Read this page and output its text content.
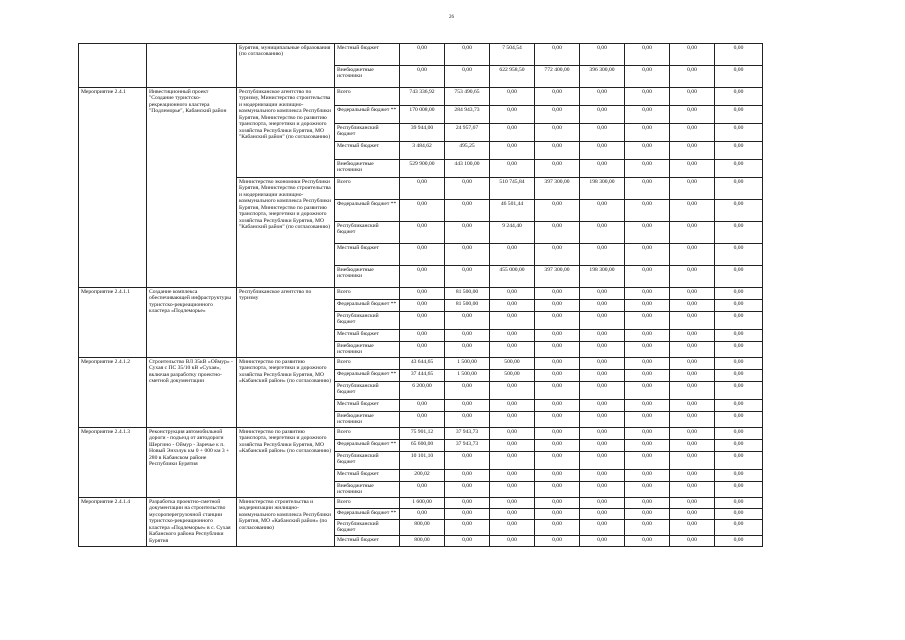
26
		Бурятия, муниципальные образования (по согласованию)	Местный бюджет	0,00	0,00	7 504,54	0,00	0,00	0,00	0,00	0,00
			Внебюджетные источники	0,00	0,00	622 958,50	772 400,00	396 300,00	0,00	0,00	0,00
Мероприятие 2.4.1	Инвестиционный проект "Создание туристско-рекреационного кластера "Подлеморье", Кабанский район	Республиканское агентство по туризму, Министерство строительства и модернизации жилищно-коммунального комплекса Республики Бурятия, Министерство по развитию транспорта, энергетики и дорожного хозяйства Республики Бурятия, МО "Кабанский район" (по согласованию)	Всего	743 336,92	753 490,65	0,00	0,00	0,00	0,00	0,00	0,00
			Федеральный бюджет **	170 008,00	284 943,73	0,00	0,00	0,00	0,00	0,00	0,00
			Республиканский бюджет	39 944,00	24 957,67	0,00	0,00	0,00	0,00	0,00	0,00
			Местный бюджет	3 484,62	495,25	0,00	0,00	0,00	0,00	0,00	0,00
			Внебюджетные источники	529 900,00	443 100,00	0,00	0,00	0,00	0,00	0,00	0,00
		Министерство экономики Республики Бурятия, Министерство строительства и модернизации жилищно-коммунального комплекса Республики Бурятия, Министерство по развитию транспорта, энергетики и дорожного хозяйства Республики Бурятия, МО "Кабанский район" (по согласованию)	Всего	0,00	0,00	510 745,84	397 300,00	198 300,00	0,00	0,00	0,00
			Федеральный бюджет **	0,00	0,00	46 501,44	0,00	0,00	0,00	0,00	0,00
			Республиканский бюджет	0,00	0,00	9 244,40	0,00	0,00	0,00	0,00	0,00
			Местный бюджет	0,00	0,00	0,00	0,00	0,00	0,00	0,00	0,00
			Внебюджетные источники	0,00	0,00	455 000,00	397 300,00	198 300,00	0,00	0,00	0,00
Мероприятие 2.4.1.1	Создание комплекса обеспечивающей инфраструктуры туристско-рекреационного кластера «Подлеморье»	Республиканское агентство по туризму	Всего	0,00	81 500,00	0,00	0,00	0,00	0,00	0,00	0,00
			Федеральный бюджет **	0,00	81 500,00	0,00	0,00	0,00	0,00	0,00	0,00
			Республиканский бюджет	0,00	0,00	0,00	0,00	0,00	0,00	0,00	0,00
			Местный бюджет	0,00	0,00	0,00	0,00	0,00	0,00	0,00	0,00
			Внебюджетные источники	0,00	0,00	0,00	0,00	0,00	0,00	0,00	0,00
Мероприятие 2.4.1.2	Строительство ВЛ 35кВ «Оймур» - Сухая с ПС 35/10 кВ «Сухая», включая разработку проектно-сметной документации	Министерство по развитию транспорта, энергетики и дорожного хозяйства Республики Бурятия, МО «Кабанский район» (по согласованию)	Всего	43 644,65	1 500,00	500,00	0,00	0,00	0,00	0,00	0,00
			Федеральный бюджет **	37 444,65	1 500,00	500,00	0,00	0,00	0,00	0,00	0,00
			Республиканский бюджет	6 200,00	0,00	0,00	0,00	0,00	0,00	0,00	0,00
			Местный бюджет	0,00	0,00	0,00	0,00	0,00	0,00	0,00	0,00
			Внебюджетные источники	0,00	0,00	0,00	0,00	0,00	0,00	0,00	0,00
Мероприятие 2.4.1.3	Реконструкция автомобильной дороги - подъезд от автодороги Шергино - Оймур - Заречье к п. Новый Энхэлук км 0 + 000 км 3 + 280 в Кабанском районе Республики Бурятия	Министерство по развитию транспорта, энергетики и дорожного хозяйства Республики Бурятия, МО «Кабанский район» (по согласованию)	Всего	75 901,12	37 943,73	0,00	0,00	0,00	0,00	0,00	0,00
			Федеральный бюджет **	65 600,00	37 943,73	0,00	0,00	0,00	0,00	0,00	0,00
			Республиканский бюджет	10 101,10	0,00	0,00	0,00	0,00	0,00	0,00	0,00
			Местный бюджет	200,02	0,00	0,00	0,00	0,00	0,00	0,00	0,00
			Внебюджетные источники	0,00	0,00	0,00	0,00	0,00	0,00	0,00	0,00
Мероприятие 2.4.1.4	Разработка проектно-сметной документации на строительство мусороперегрузочной станции туристско-рекреационного кластера «Подлеморье» в с. Сухая Кабанского района Республики Бурятия	Министерство строительства и модернизации жилищно-коммунального комплекса Республики Бурятия, МО «Кабанский район» (по согласованию)	Всего	1 600,00	0,00	0,00	0,00	0,00	0,00	0,00	0,00
			Федеральный бюджет **	0,00	0,00	0,00	0,00	0,00	0,00	0,00	0,00
			Республиканский бюджет	800,00	0,00	0,00	0,00	0,00	0,00	0,00	0,00
			Местный бюджет	800,00	0,00	0,00	0,00	0,00	0,00	0,00	0,00
